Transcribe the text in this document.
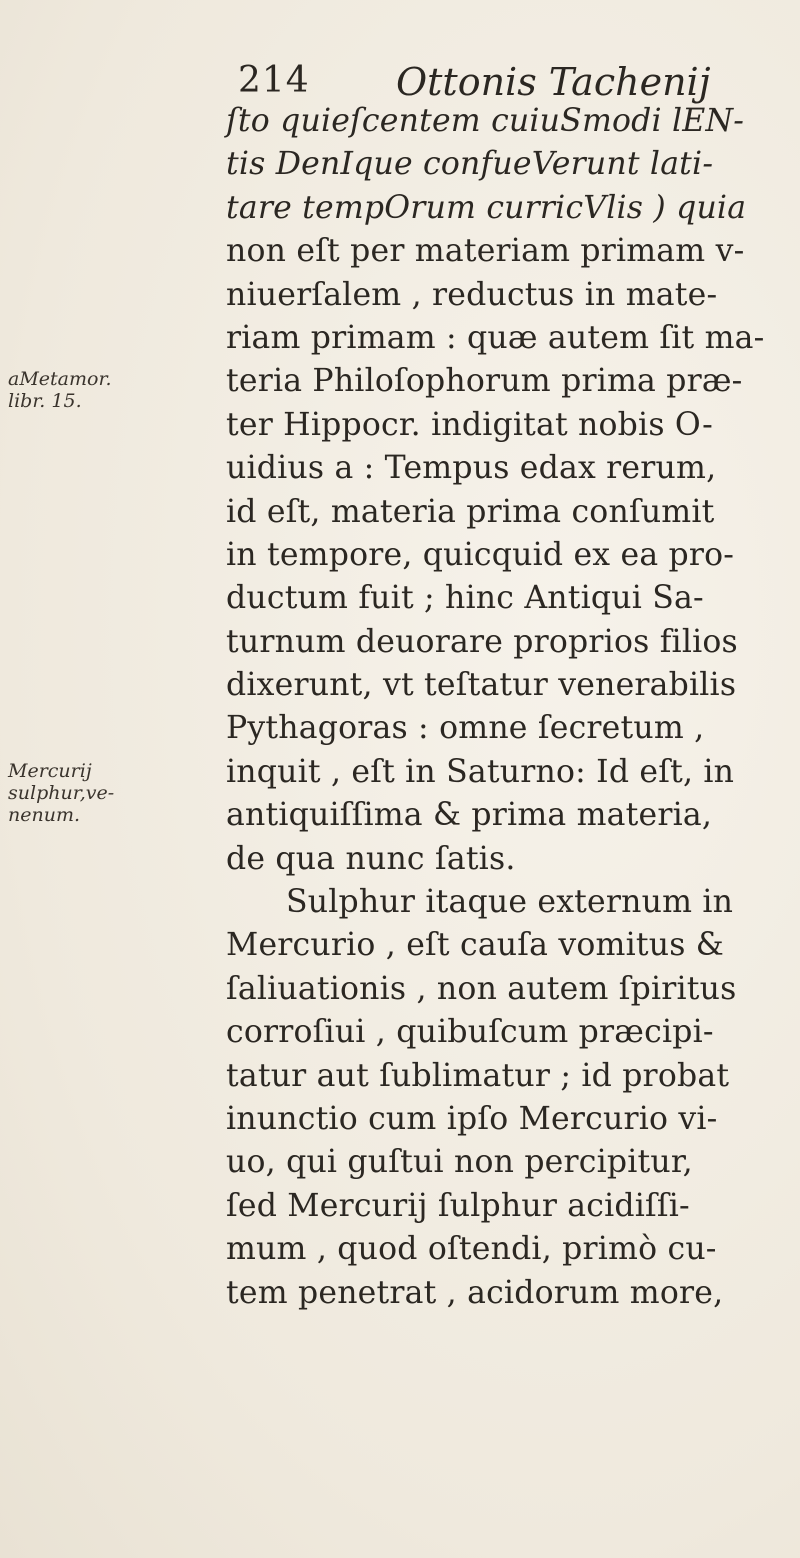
214 Ottonis Tachenij
aMetamor.
libr. 15.
Mercurij
sulphur,ve-
nenum.
ſto quieſcentem cuiuSmodi lEN-
tis DenIque confueVerunt lati-
tare tempOrum curricVlis ) quia
non eſt per materiam primam v-
niuerſalem , reductus in mate-
riam primam : quæ autem ſit ma-
teria Philoſophorum prima præ-
ter Hippocr. indigitat nobis O-
uidius a : Tempus edax rerum,
id eſt, materia prima conſumit
in tempore, quicquid ex ea pro-
ductum fuit ; hinc Antiqui Sa-
turnum deuorare proprios filios
dixerunt, vt teſtatur venerabilis
Pythagoras : omne ſecretum ,
inquit , eſt in Saturno: Id eſt, in
antiquiſſima & prima materia,
de qua nunc ſatis.
Sulphur itaque externum in
Mercurio , eſt cauſa vomitus &
ſaliuationis , non autem ſpiritus
corroſiui , quibuſcum præcipi-
tatur aut ſublimatur ; id probat
inunctio cum ipſo Mercurio vi-
uo, qui guſtui non percipitur,
ſed Mercurij ſulphur acidiſſi-
mum , quod oſtendi, primò cu-
tem penetrat , acidorum more,
